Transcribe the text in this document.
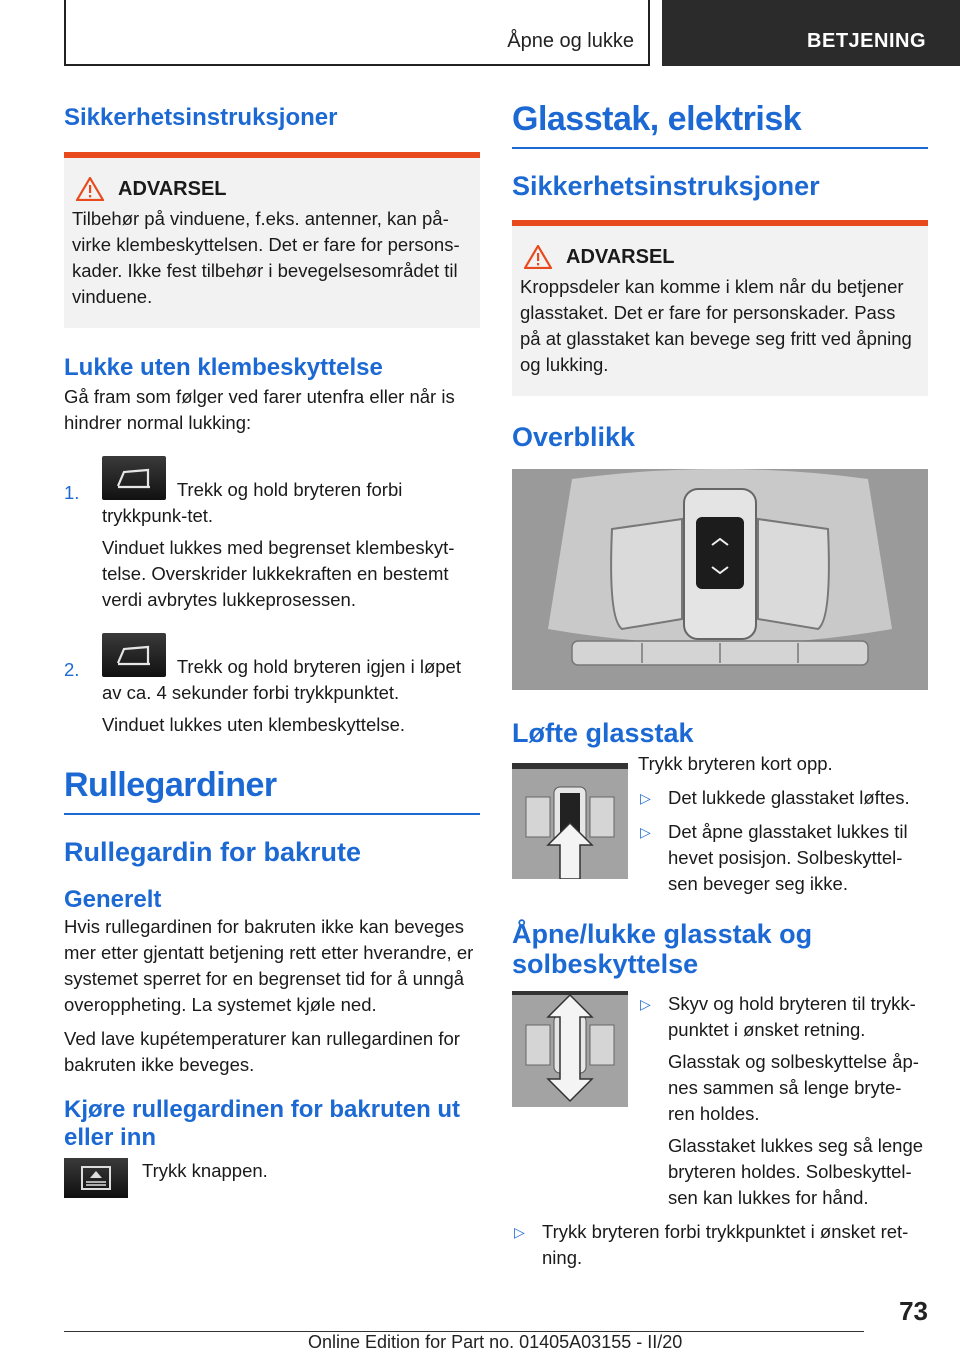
Åpne og lukke	BETJENING
Sikkerhetsinstruksjoner
ADVARSEL
Tilbehør på vinduene, f.eks. antenner, kan på-virke klembeskyttelsen. Det er fare for persons-kader. Ikke fest tilbehør i bevegelsesområdet til vinduene.
Lukke uten klembeskyttelse

Gå fram som følger ved farer utenfra eller når is hindrer normal lukking:

1.	Trekk og hold bryteren forbi trykkpunk-tet.
Vinduet lukkes med begrenset klembeskyt-telse. Overskrider lukkekraften en bestemt verdi avbrytes lukkeprosessen.
2.	Trekk og hold bryteren igjen i løpet av ca. 4 sekunder forbi trykkpunktet.
Vinduet lukkes uten klembeskyttelse.
Rullegardiner
Rullegardin for bakrute
Generelt

Hvis rullegardinen for bakruten ikke kan beveges mer etter gjentatt betjening rett etter hverandre, er systemet sperret for en begrenset tid for å unngå overoppheting. La systemet kjøle ned.

Ved lave kupétemperaturer kan rullegardinen for bakruten ikke beveges.

Kjøre rullegardinen for bakruten ut eller inn

Trykk knappen.

Glasstak, elektrisk
Sikkerhetsinstruksjoner
ADVARSEL
Kroppsdeler kan komme i klem når du betjener glasstaket. Det er fare for personskader. Pass på at glasstaket kan bevege seg fritt ved åpning og lukking.
Overblikk
Løfte glasstak

Trykk bryteren kort opp.

▷ Det lukkede glasstaket løftes.
▷ Det åpne glasstaket lukkes til hevet posisjon. Solbeskyttel-sen beveger seg ikke.
Åpne/lukke glasstak og solbeskyttelse
▷ Skyv og hold bryteren til trykk-punktet i ønsket retning.
Glasstak og solbeskyttelse åp-nes sammen så lenge bryte-ren holdes.
Glasstaket lukkes seg så lenge bryteren holdes. Solbeskyttel-sen kan lukkes for hånd.
▷ Trykk bryteren forbi trykkpunktet i ønsket ret-ning.
73
Online Edition for Part no. 01405A03155 - II/20
